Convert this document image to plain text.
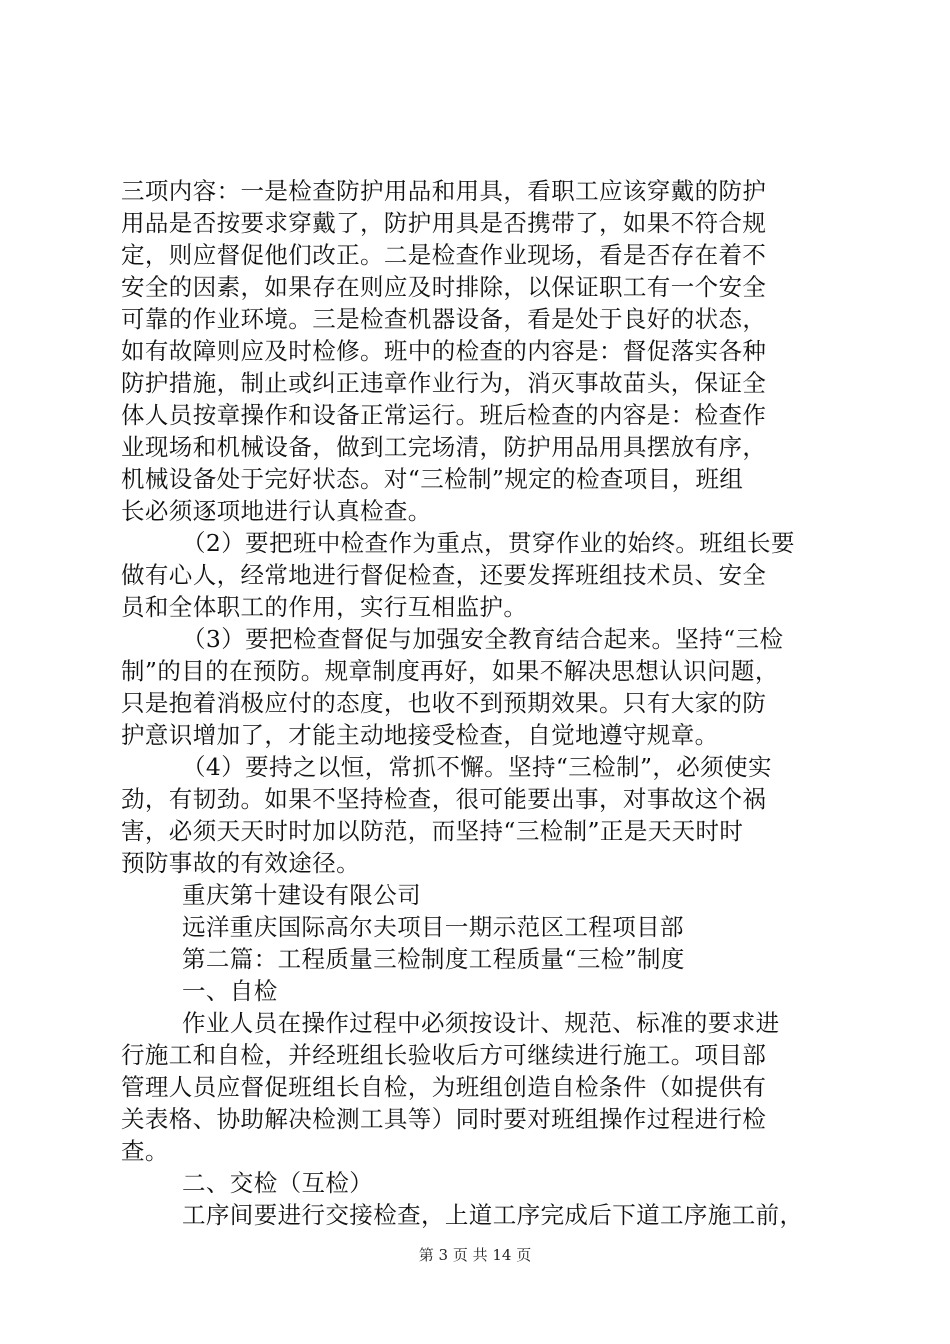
三项内容：一是检查防护用品和用具，看职工应该穿戴的防护
用品是否按要求穿戴了，防护用具是否携带了，如果不符合规
定，则应督促他们改正。二是检查作业现场，看是否存在着不
安全的因素，如果存在则应及时排除，以保证职工有一个安全
可靠的作业环境。三是检查机器设备，看是处于良好的状态，
如有故障则应及时检修。班中的检查的内容是：督促落实各种
防护措施，制止或纠正违章作业行为，消灭事故苗头，保证全
体人员按章操作和设备正常运行。班后检查的内容是：检查作
业现场和机械设备，做到工完场清，防护用品用具摆放有序，
机械设备处于完好状态。对“三检制”规定的检查项目，班组
长必须逐项地进行认真检查。
（2）要把班中检查作为重点，贯穿作业的始终。班组长要
做有心人，经常地进行督促检查，还要发挥班组技术员、安全
员和全体职工的作用，实行互相监护。
（3）要把检查督促与加强安全教育结合起来。坚持“三检
制”的目的在预防。规章制度再好，如果不解决思想认识问题，
只是抱着消极应付的态度，也收不到预期效果。只有大家的防
护意识增加了，才能主动地接受检查，自觉地遵守规章。
（4）要持之以恒，常抓不懈。坚持“三检制”，必须使实
劲，有韧劲。如果不坚持检查，很可能要出事，对事故这个祸
害，必须天天时时加以防范，而坚持“三检制”正是天天时时
预防事故的有效途径。
重庆第十建设有限公司
远洋重庆国际高尔夫项目一期示范区工程项目部
第二篇：工程质量三检制度工程质量“三检”制度
一、自检
作业人员在操作过程中必须按设计、规范、标准的要求进
行施工和自检，并经班组长验收后方可继续进行施工。项目部
管理人员应督促班组长自检，为班组创造自检条件（如提供有
关表格、协助解决检测工具等）同时要对班组操作过程进行检
查。
二、交检（互检）
工序间要进行交接检查，上道工序完成后下道工序施工前，
第 3 页 共 14 页
